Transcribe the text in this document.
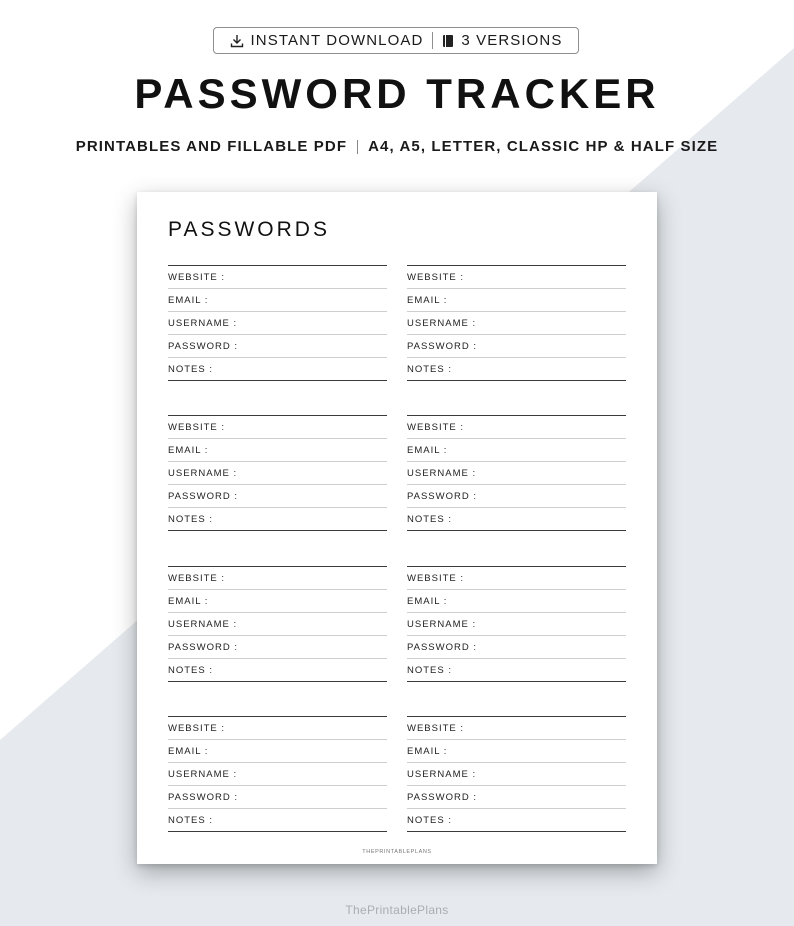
INSTANT DOWNLOAD	3 VERSIONS
PASSWORD TRACKER
PRINTABLES AND FILLABLE PDF A4, A5, LETTER, CLASSIC HP & HALF SIZE
PASSWORDS
THEPRINTABLEPLANS
WEBSITE :
EMAIL :
USERNAME :
PASSWORD :
NOTES :
WEBSITE :
EMAIL :
USERNAME :
PASSWORD :
NOTES :
WEBSITE :
EMAIL :
USERNAME :
PASSWORD :
NOTES :
WEBSITE :
EMAIL :
USERNAME :
PASSWORD :
NOTES :
WEBSITE :
EMAIL :
USERNAME :
PASSWORD :
NOTES :
WEBSITE :
EMAIL :
USERNAME :
PASSWORD :
NOTES :
WEBSITE :
EMAIL :
USERNAME :
PASSWORD :
NOTES :
WEBSITE :
EMAIL :
USERNAME :
PASSWORD :
NOTES :
ThePrintablePlans
